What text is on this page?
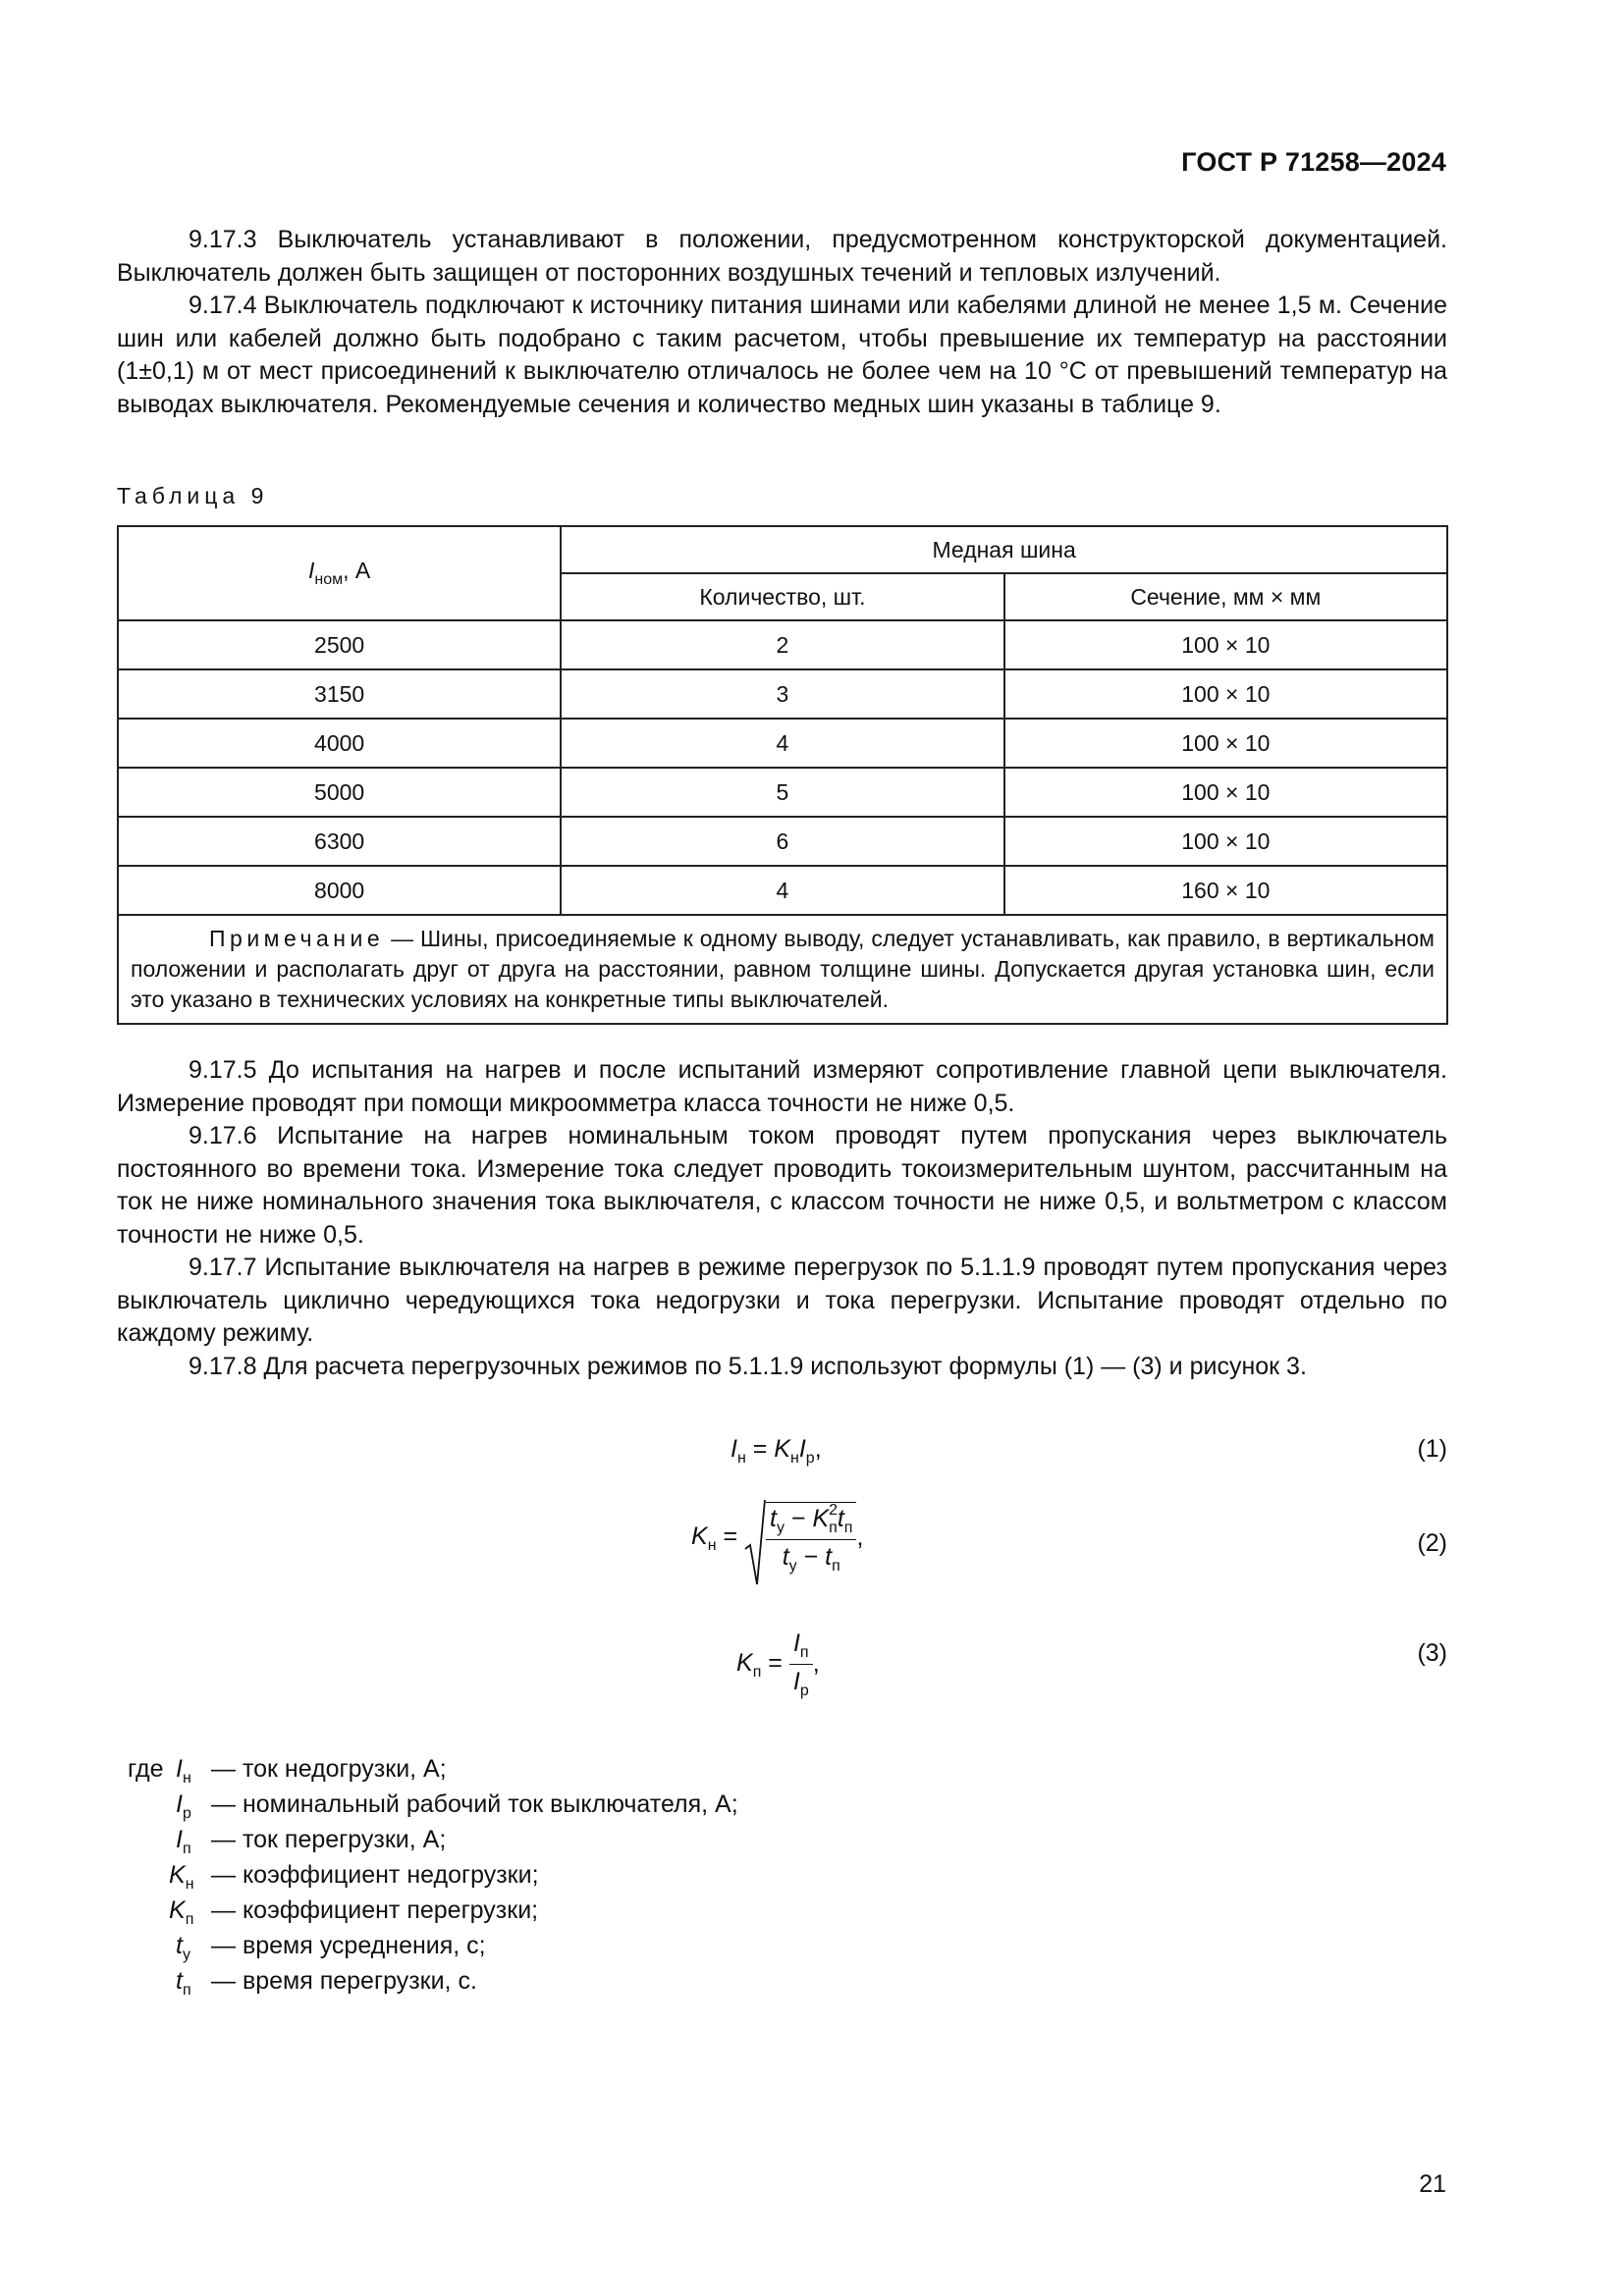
ГОСТ Р 71258—2024

9.17.3 Выключатель устанавливают в положении, предусмотренном конструкторской документацией. Выключатель должен быть защищен от посторонних воздушных течений и тепловых излучений.

9.17.4 Выключатель подключают к источнику питания шинами или кабелями длиной не менее 1,5 м. Сечение шин или кабелей должно быть подобрано с таким расчетом, чтобы превышение их температур на расстоянии (1±0,1) м от мест присоединений к выключателю отличалось не более чем на 10 °С от превышений температур на выводах выключателя. Рекомендуемые сечения и количество медных шин указаны в таблице 9.

Таблица 9
$I_{ном}$, А	Медная шина	
	Количество, шт.	Сечение, мм × мм
2500	2	100 × 10
3150	3	100 × 10
4000	4	100 × 10
5000	5	100 × 10
6300	6	100 × 10
8000	4	160 × 10
Примечание — Шины, присоединяемые к одному выводу, следует устанавливать, как правило, в вертикальном положении и располагать друг от друга на расстоянии, равном толщине шины. Допускается другая установка шин, если это указано в технических условиях на конкретные типы выключателей.		

9.17.5 До испытания на нагрев и после испытаний измеряют сопротивление главной цепи выключателя. Измерение проводят при помощи микроомметра класса точности не ниже 0,5.

9.17.6 Испытание на нагрев номинальным током проводят путем пропускания через выключатель постоянного во времени тока. Измерение тока следует проводить токоизмерительным шунтом, рассчитанным на ток не ниже номинального значения тока выключателя, с классом точности не ниже 0,5, и вольтметром с классом точности не ниже 0,5.

9.17.7 Испытание выключателя на нагрев в режиме перегрузок по 5.1.1.9 проводят путем пропускания через выключатель циклично чередующихся тока недогрузки и тока перегрузки. Испытание проводят отдельно по каждому режиму.

9.17.8 Для расчета перегрузочных режимов по 5.1.1.9 используют формулы (1) — (3) и рисунок 3.

$I_н = K_нI_р$,	(1)
$K_н = t_у - K$ $_{2 п}t_п$
$t_у - t_п$ ,	(2)
$K_п = \frac{I_п}{I_р}$ ,	(3)
где $I_н$ — ток недогрузки, А;
$I_р$ — номинальный рабочий ток выключателя, А;
$I_п$ — ток перегрузки, А;
$K_н$ — коэффициент недогрузки;
$K_п$ — коэффициент перегрузки;
$t_у$ — время усреднения, с;
$t_п$ — время перегрузки, с.
21
